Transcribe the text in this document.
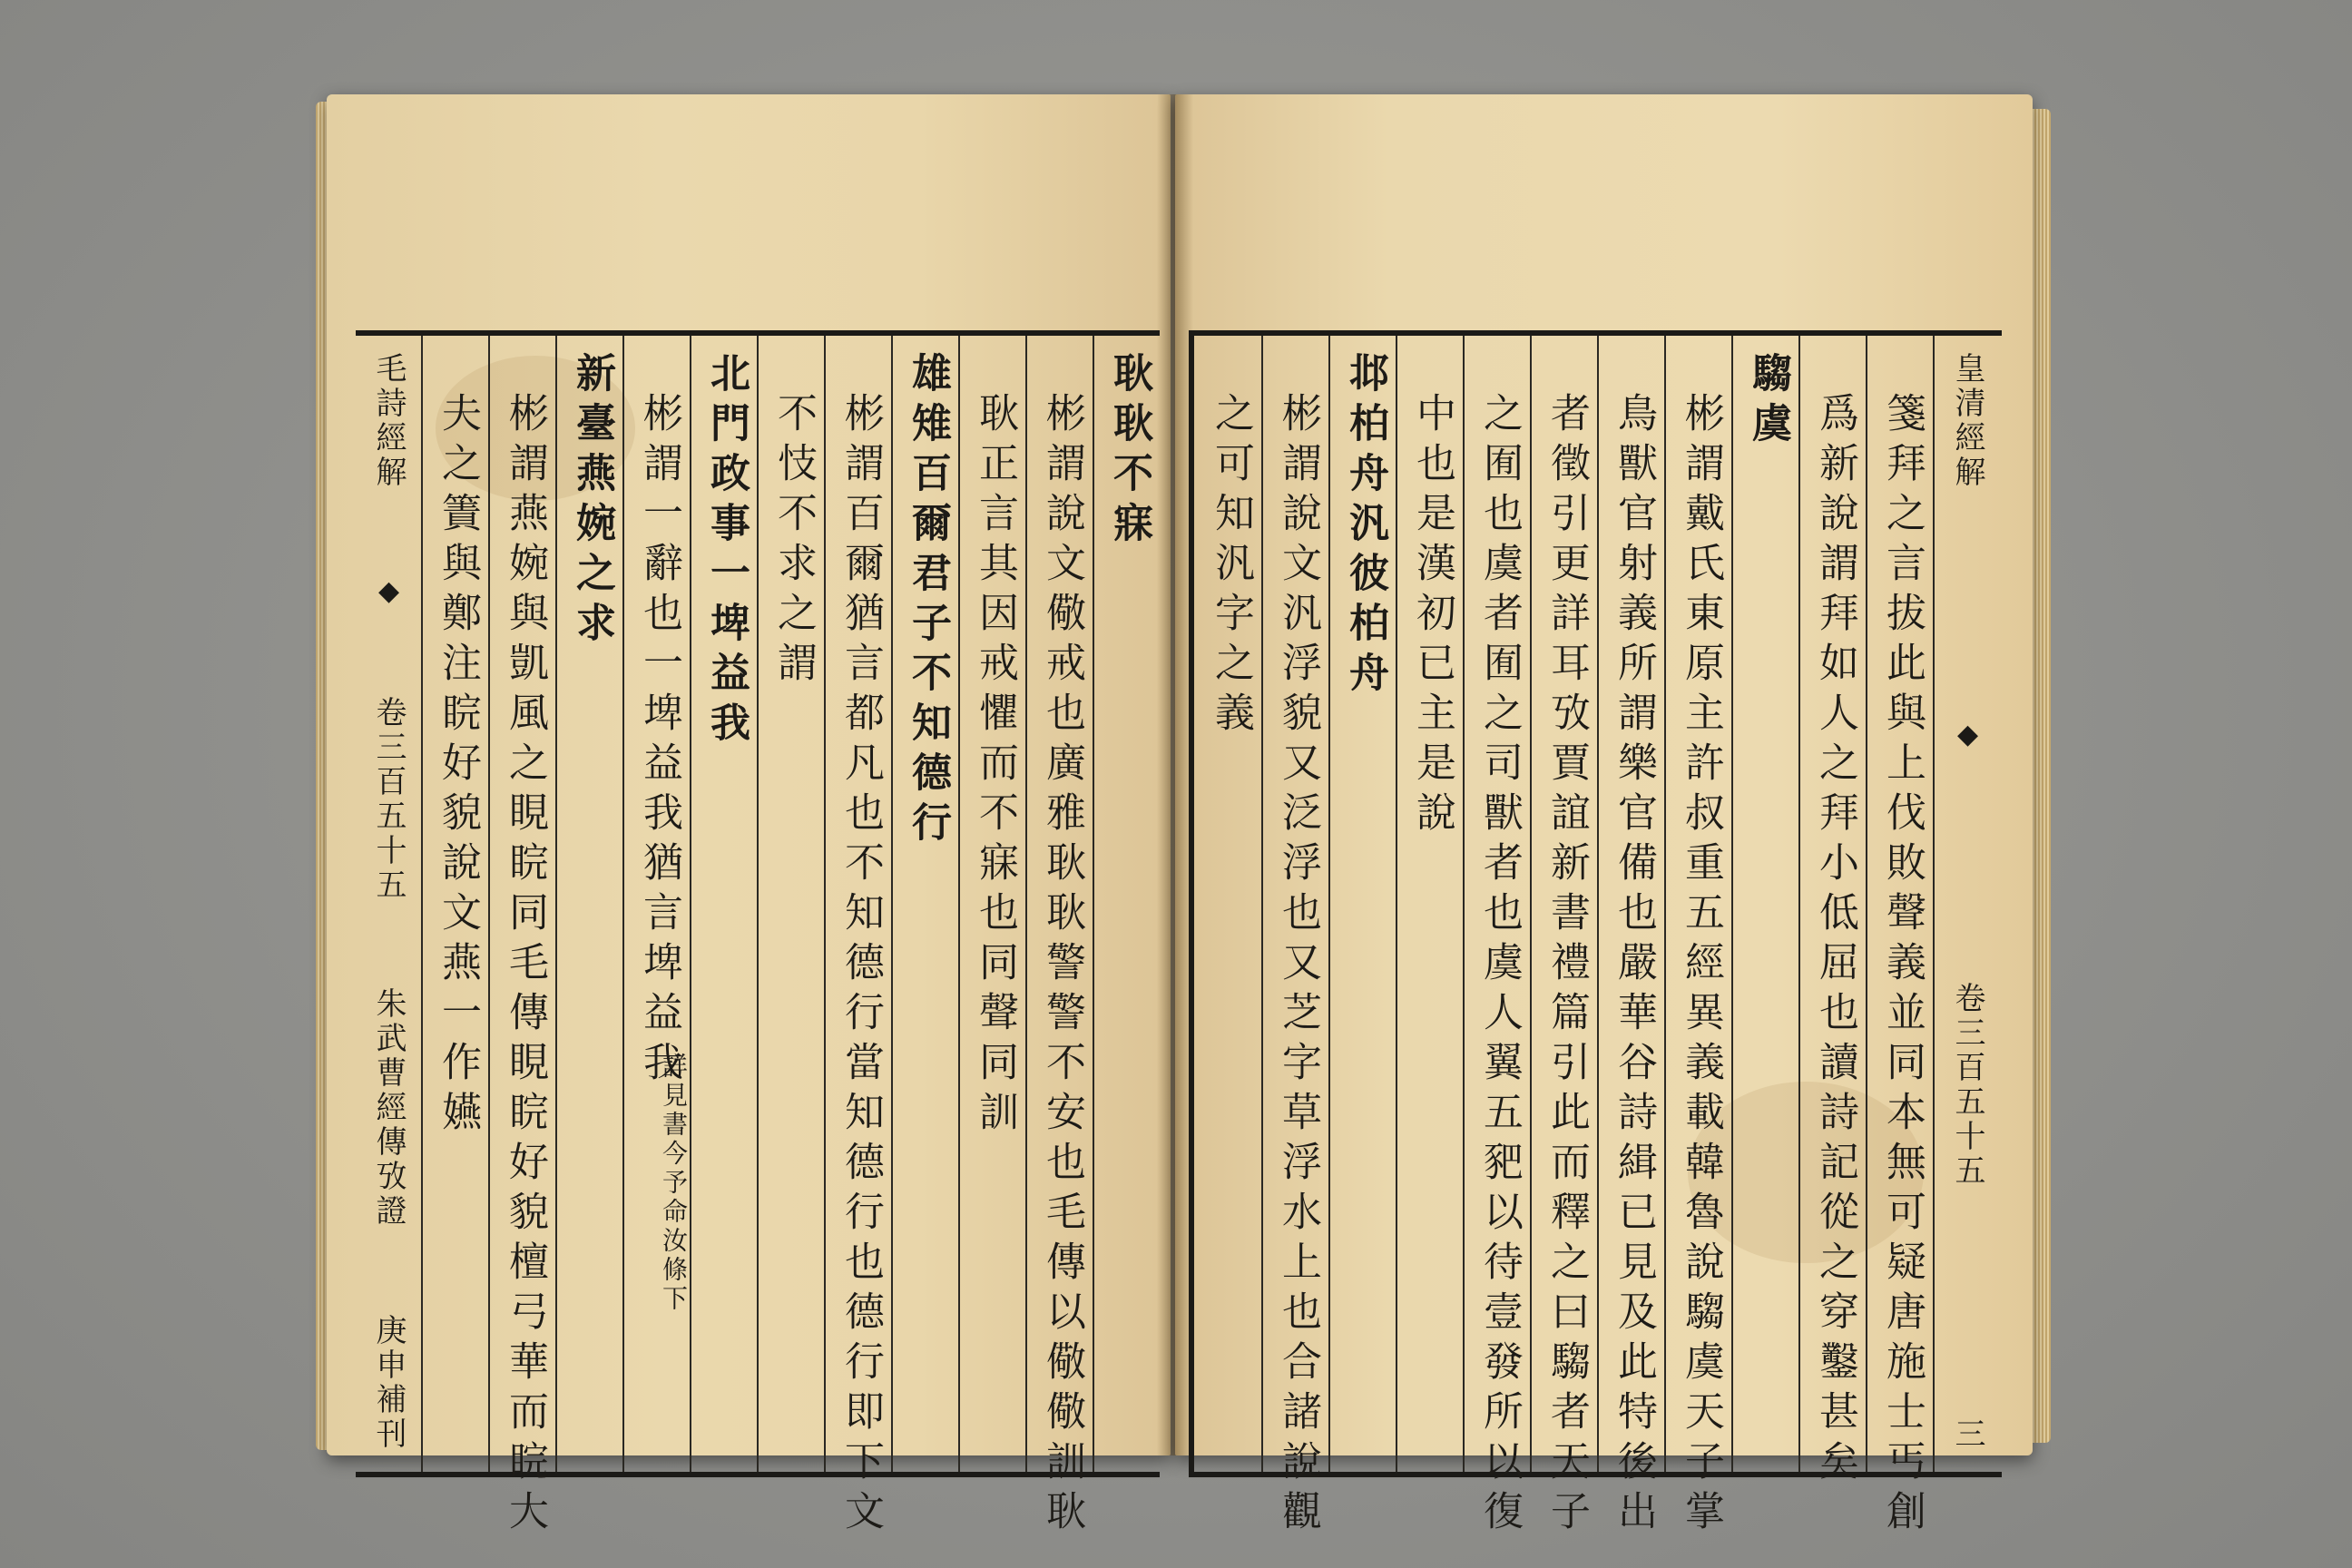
耿耿不寐
彬謂說文儆戒也廣雅耿耿警警不安也毛傳以儆儆訓耿
耿正言其因戒懼而不寐也同聲同訓
雄雉百爾君子不知德行
彬謂百爾猶言都凡也不知德行當知德行也德行即下文
不忮不求之謂
北門政事一埤益我
彬謂一辭也一埤益我猶言埤益我
詳見書今予命汝條下
新臺燕婉之求
彬謂燕婉與凱風之睍睆同毛傳睍睆好貌檀弓華而睆大
夫之簀與鄭注睆好貌說文燕一作嬿
毛詩經解
◆
卷三百五十五
朱武曹經傳攷證
庚申補刊
皇清經解
◆
卷三百五十五
三
箋拜之言拔此與上伐敗聲義並同本無可疑唐施士丐創
爲新說謂拜如人之拜小低屈也讀詩記從之穿鑿甚矣
騶虞
彬謂戴氏東原主許叔重五經異義載韓魯說騶虞天子掌
鳥獸官射義所謂樂官備也嚴華谷詩緝已見及此特後出
者徵引更詳耳攷賈誼新書禮篇引此而釋之曰騶者天子
之囿也虞者囿之司獸者也虞人翼五豝以待壹發所以復
中也是漢初已主是說
邶柏舟汎彼柏舟
彬謂說文汎浮貌又泛浮也又芝字草浮水上也合諸說觀
之可知汎字之義
